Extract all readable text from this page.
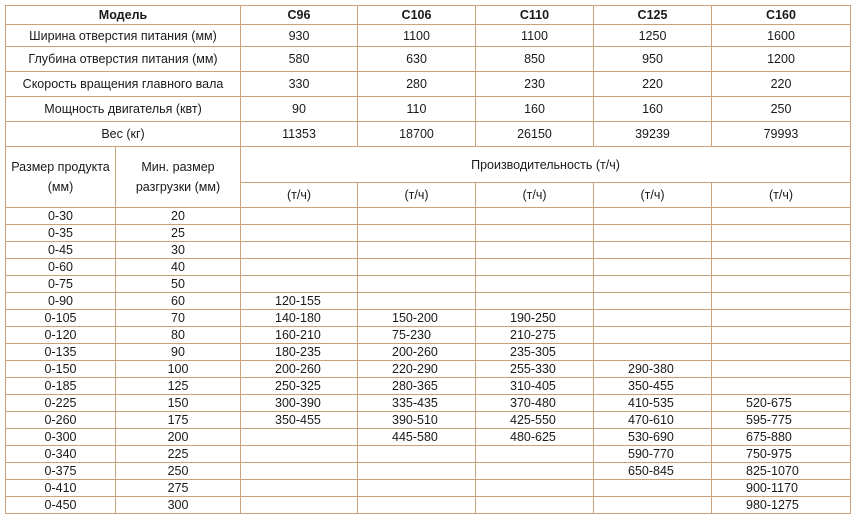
Модель		С96	С106	С110	С125	С160
Ширина отверстия питания (мм)		930	1100	1100	1250	1600
Глубина отверстия питания (мм)		580	630	850	950	1200
Скорость вращения главного вала		330	280	230	220	220
Мощность двигателья (квт)		90	110	160	160	250
Вес (кг)		11353	18700	26150	39239	79993
Размер продукта (мм)	Мин. размер разгрузки (мм)	Производительность (т/ч)				
		(т/ч)	(т/ч)	(т/ч)	(т/ч)	(т/ч)
0-30	20					
0-35	25					
0-45	30					
0-60	40					
0-75	50					
0-90	60	120-155				
0-105	70	140-180	150-200	190-250		
0-120	80	160-210	75-230	210-275		
0-135	90	180-235	200-260	235-305		
0-150	100	200-260	220-290	255-330	290-380	
0-185	125	250-325	280-365	310-405	350-455	
0-225	150	300-390	335-435	370-480	410-535	520-675
0-260	175	350-455	390-510	425-550	470-610	595-775
0-300	200		445-580	480-625	530-690	675-880
0-340	225				590-770	750-975
0-375	250				650-845	825-1070
0-410	275					900-1170
0-450	300					980-1275
